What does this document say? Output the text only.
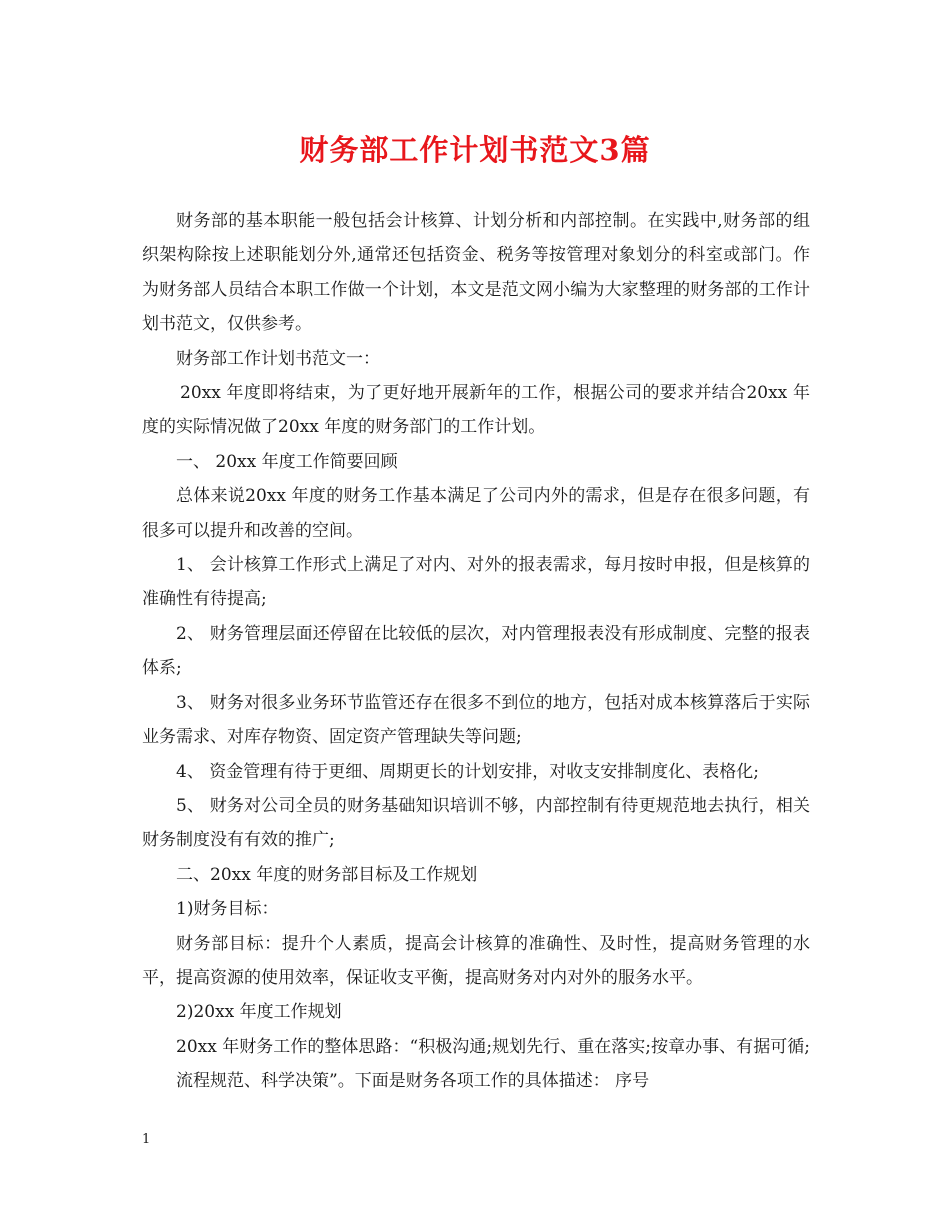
财务部工作计划书范文3篇

财务部的基本职能一般包括会计核算、计划分析和内部控制。在实践中,财务部的组织架构除按上述职能划分外,通常还包括资金、税务等按管理对象划分的科室或部门。作为财务部人员结合本职工作做一个计划，本文是范文网小编为大家整理的财务部的工作计划书范文，仅供参考。

财务部工作计划书范文一：

20xx 年度即将结束，为了更好地开展新年的工作，根据公司的要求并结合20xx 年度的实际情况做了20xx 年度的财务部门的工作计划。

一、 20xx 年度工作简要回顾

总体来说20xx 年度的财务工作基本满足了公司内外的需求，但是存在很多问题，有很多可以提升和改善的空间。

1、 会计核算工作形式上满足了对内、对外的报表需求，每月按时申报，但是核算的准确性有待提高;

2、 财务管理层面还停留在比较低的层次，对内管理报表没有形成制度、完整的报表体系;

3、 财务对很多业务环节监管还存在很多不到位的地方，包括对成本核算落后于实际业务需求、对库存物资、固定资产管理缺失等问题;

4、 资金管理有待于更细、周期更长的计划安排，对收支安排制度化、表格化;

5、 财务对公司全员的财务基础知识培训不够，内部控制有待更规范地去执行，相关财务制度没有有效的推广;

二、20xx 年度的财务部目标及工作规划

1)财务目标：

财务部目标：提升个人素质，提高会计核算的准确性、及时性，提高财务管理的水平，提高资源的使用效率，保证收支平衡，提高财务对内对外的服务水平。

2)20xx 年度工作规划

20xx 年财务工作的整体思路：“积极沟通;规划先行、重在落实;按章办事、有据可循;流程规范、科学决策”。下面是财务各项工作的具体描述： 序号

1
